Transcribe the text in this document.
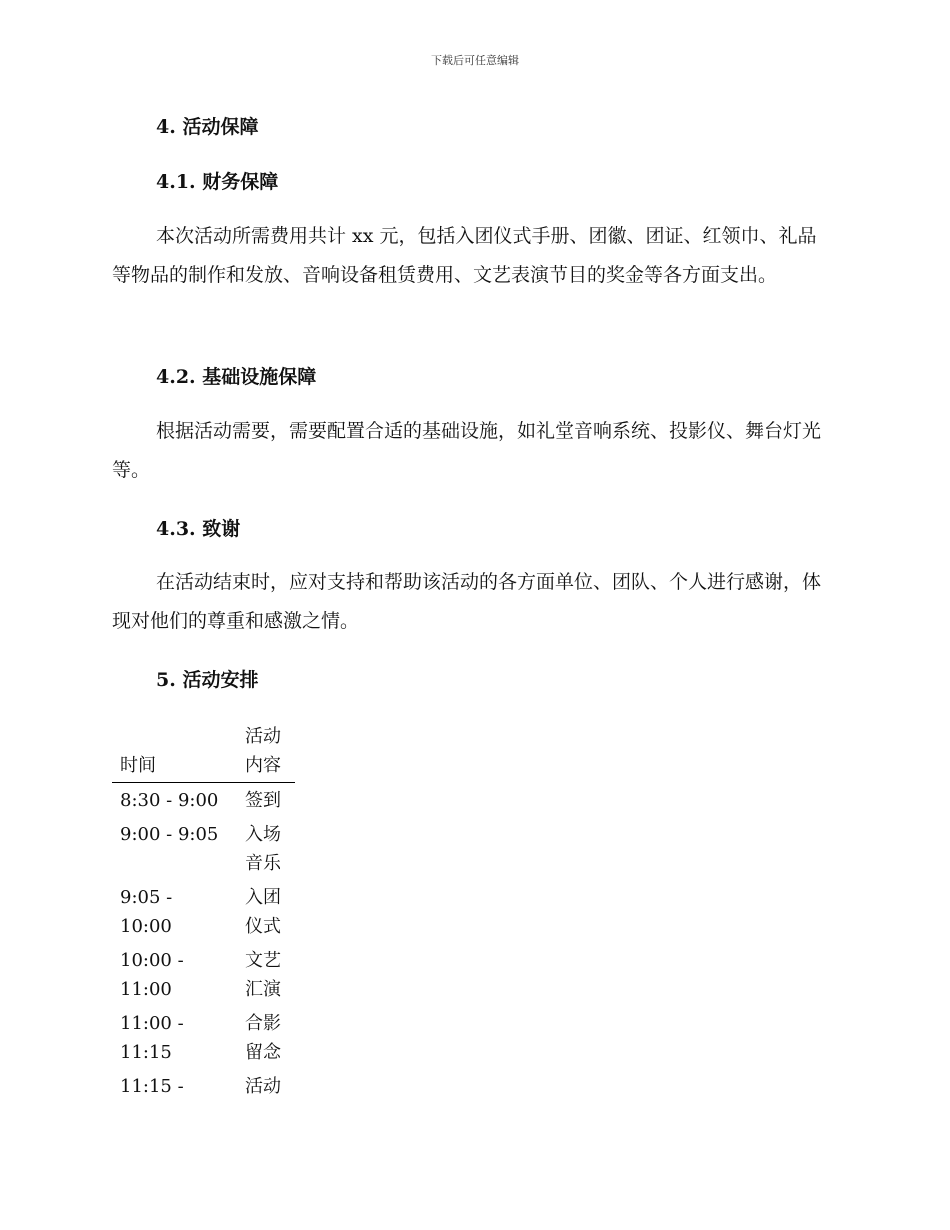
下载后可任意编辑
4. 活动保障
4.1. 财务保障

本次活动所需费用共计 xx 元，包括入团仪式手册、团徽、团证、红领巾、礼品等物品的制作和发放、音响设备租赁费用、文艺表演节目的奖金等各方面支出。

4.2. 基础设施保障

根据活动需要，需要配置合适的基础设施，如礼堂音响系统、投影仪、舞台灯光等。

4.3. 致谢

在活动结束时，应对支持和帮助该活动的各方面单位、团队、个人进行感谢，体现对他们的尊重和感激之情。

5. 活动安排
时间	活动内容
8:30 - 9:00	签到
9:00 - 9:05	入场音乐
9:05 - 10:00	入团仪式
10:00 - 11:00	文艺汇演
11:00 - 11:15	合影留念
11:15 -	活动
